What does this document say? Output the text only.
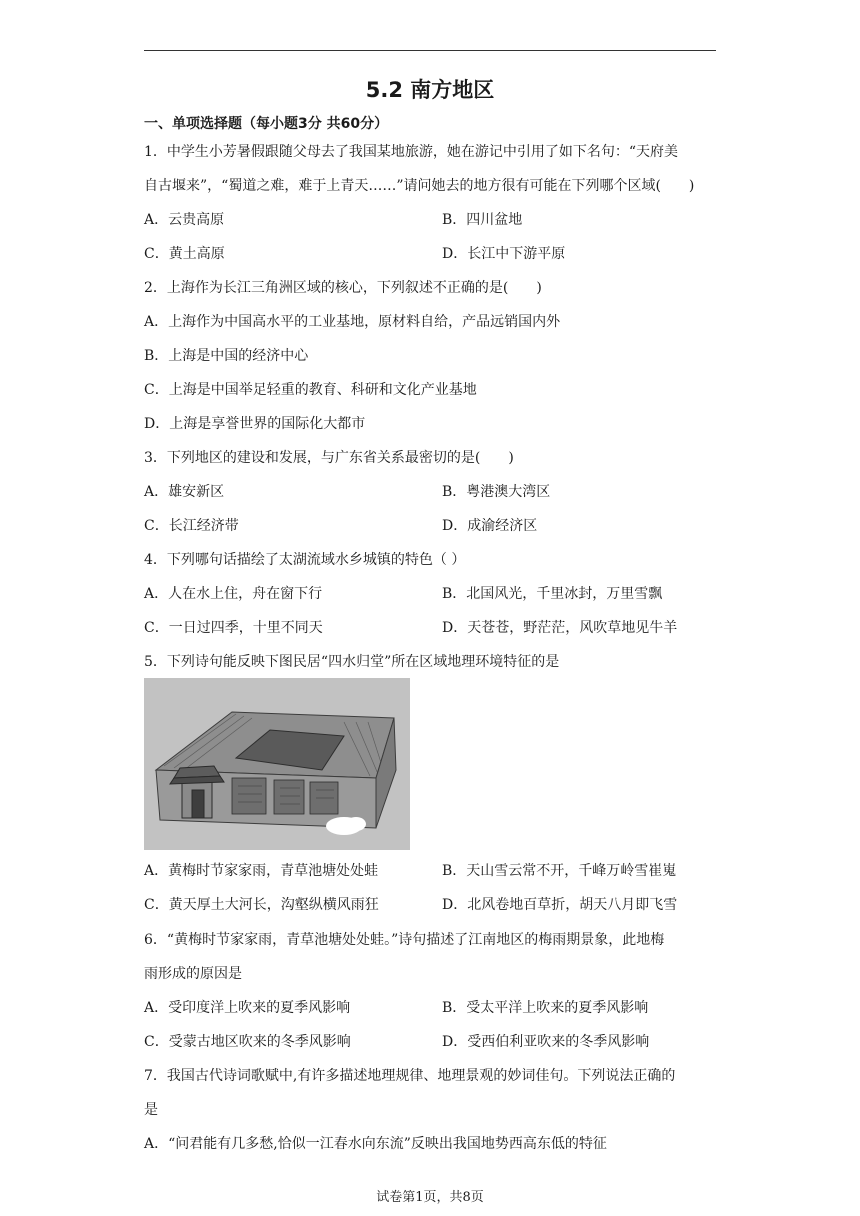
5.2 南方地区
一、单项选择题（每小题3分 共60分）
1．中学生小芳暑假跟随父母去了我国某地旅游，她在游记中引用了如下名句：“天府美
自古堰来”，“蜀道之难，难于上青天……”请问她去的地方很有可能在下列哪个区域(　　)
A．云贵高原	B．四川盆地
C．黄土高原	D．长江中下游平原
2．上海作为长江三角洲区域的核心，下列叙述不正确的是(　　)
A．上海作为中国高水平的工业基地，原材料自给，产品远销国内外
B．上海是中国的经济中心
C．上海是中国举足轻重的教育、科研和文化产业基地
D．上海是享誉世界的国际化大都市
3．下列地区的建设和发展，与广东省关系最密切的是(　　)
A．雄安新区	B．粤港澳大湾区
C．长江经济带	D．成渝经济区
4．下列哪句话描绘了太湖流域水乡城镇的特色（ ）
A．人在水上住，舟在窗下行	B．北国风光，千里冰封，万里雪飘
C．一日过四季，十里不同天	D．天苍苍，野茫茫，风吹草地见牛羊
5．下列诗句能反映下图民居“四水归堂”所在区域地理环境特征的是
A．黄梅时节家家雨，青草池塘处处蛙	B．天山雪云常不开，千峰万岭雪崔嵬
C．黄天厚土大河长，沟壑纵横风雨狂	D．北风卷地百草折，胡天八月即飞雪
6．“黄梅时节家家雨，青草池塘处处蛙。”诗句描述了江南地区的梅雨期景象，此地梅
雨形成的原因是
A．受印度洋上吹来的夏季风影响	B．受太平洋上吹来的夏季风影响
C．受蒙古地区吹来的冬季风影响	D．受西伯利亚吹来的冬季风影响
7．我国古代诗词歌赋中,有许多描述地理规律、地理景观的妙词佳句。下列说法正确的
是
A．“问君能有几多愁,恰似一江春水向东流”反映出我国地势西高东低的特征
试卷第1页，共8页
